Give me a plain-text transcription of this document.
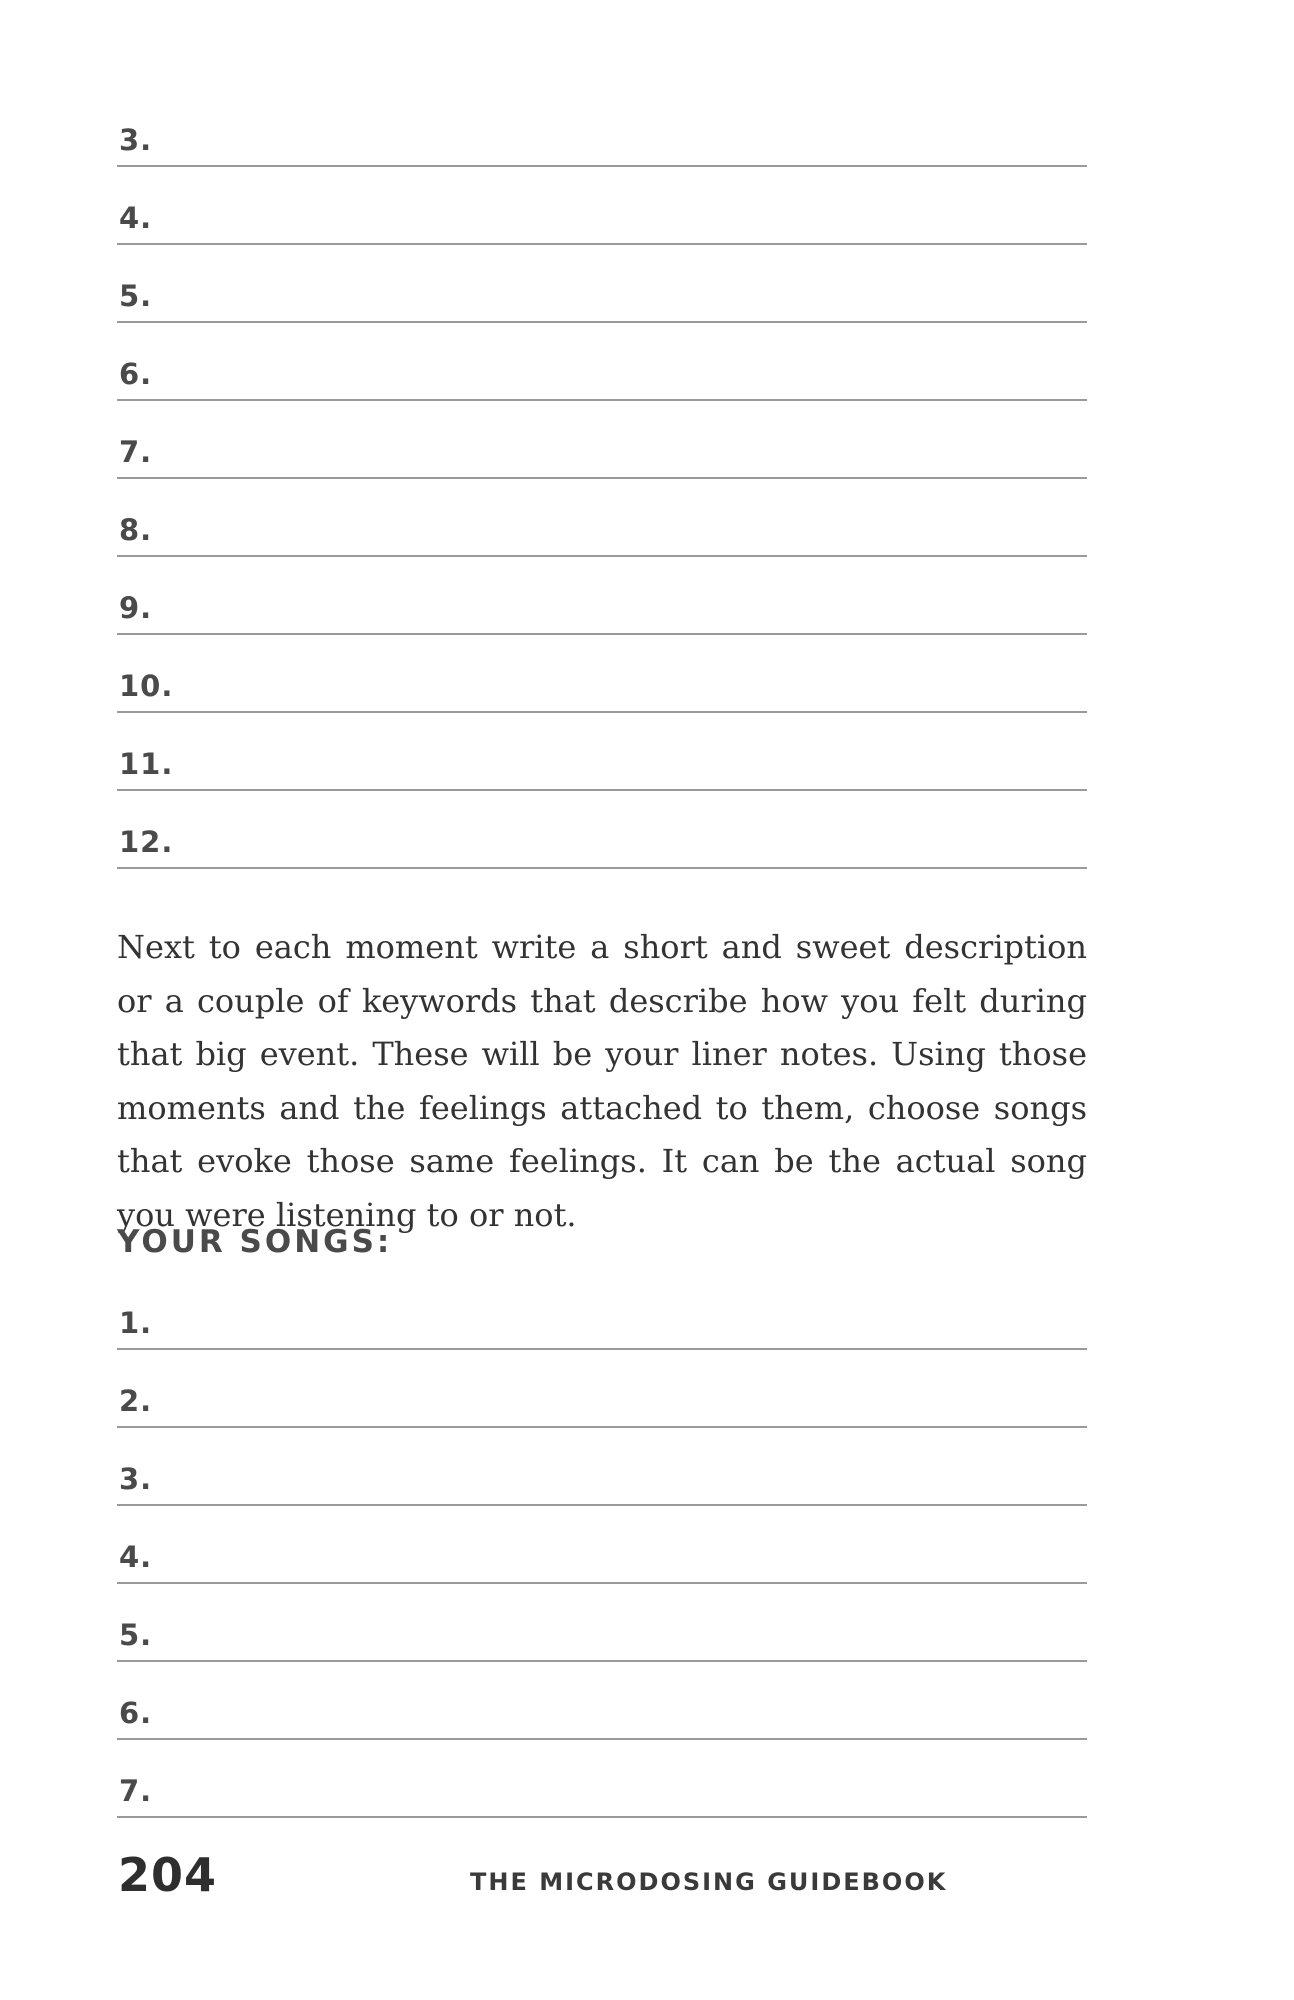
3.
4.
5.
6.
7.
8.
9.
10.
11.
12.

Next to each moment write a short and sweet description or a couple of keywords that describe how you felt during that big event. These will be your liner notes. Using those moments and the feelings attached to them, choose songs that evoke those same feelings. It can be the actual song you were listening to or not.

YOUR SONGS:
1.
2.
3.
4.
5.
6.
7.
204	THE MICRODOSING GUIDEBOOK
